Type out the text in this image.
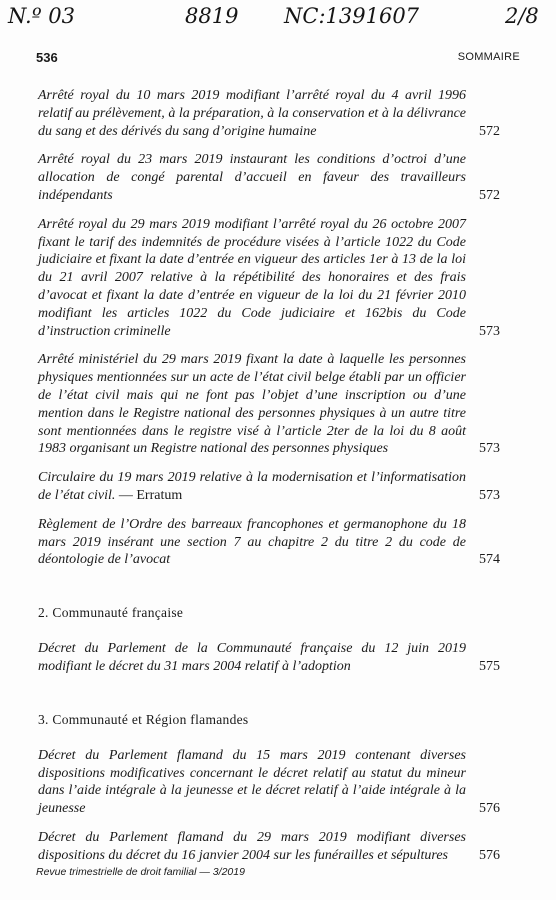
N.º 03	8819 NC:1391607	2/8
536	SOMMAIRE
Arrêté royal du 10 mars 2019 modifiant l’arrêté royal du 4 avril 1996 relatif au prélèvement, à la préparation, à la conservation et à la délivrance du sang et des dérivés du sang d’origine humaine	572
Arrêté royal du 23 mars 2019 instaurant les conditions d’octroi d’une allocation de congé parental d’accueil en faveur des travailleurs indépendants	572
Arrêté royal du 29 mars 2019 modifiant l’arrêté royal du 26 octobre 2007 fixant le tarif des indemnités de procédure visées à l’article 1022 du Code judiciaire et fixant la date d’entrée en vigueur des articles 1er à 13 de la loi du 21 avril 2007 relative à la répétibilité des honoraires et des frais d’avocat et fixant la date d’entrée en vigueur de la loi du 21 février 2010 modifiant les articles 1022 du Code judiciaire et 162bis du Code d’instruction criminelle	573
Arrêté ministériel du 29 mars 2019 fixant la date à laquelle les personnes physiques mentionnées sur un acte de l’état civil belge établi par un officier de l’état civil mais qui ne font pas l’objet d’une inscription ou d’une mention dans le Registre national des personnes physiques à un autre titre sont mentionnées dans le registre visé à l’article 2ter de la loi du 8 août 1983 organisant un Registre national des personnes physiques	573
Circulaire du 19 mars 2019 relative à la modernisation et l’informatisation de l’état civil. — Erratum	573
Règlement de l’Ordre des barreaux francophones et germanophone du 18 mars 2019 insérant une section 7 au chapitre 2 du titre 2 du code de déontologie de l’avocat	574
2. Communauté française
Décret du Parlement de la Communauté française du 12 juin 2019 modifiant le décret du 31 mars 2004 relatif à l’adoption	575
3. Communauté et Région flamandes
Décret du Parlement flamand du 15 mars 2019 contenant diverses dispositions modificatives concernant le décret relatif au statut du mineur dans l’aide intégrale à la jeunesse et le décret relatif à l’aide intégrale à la jeunesse	576
Décret du Parlement flamand du 29 mars 2019 modifiant diverses dispositions du décret du 16 janvier 2004 sur les funérailles et sépultures 576
Revue trimestrielle de droit familial — 3/2019
